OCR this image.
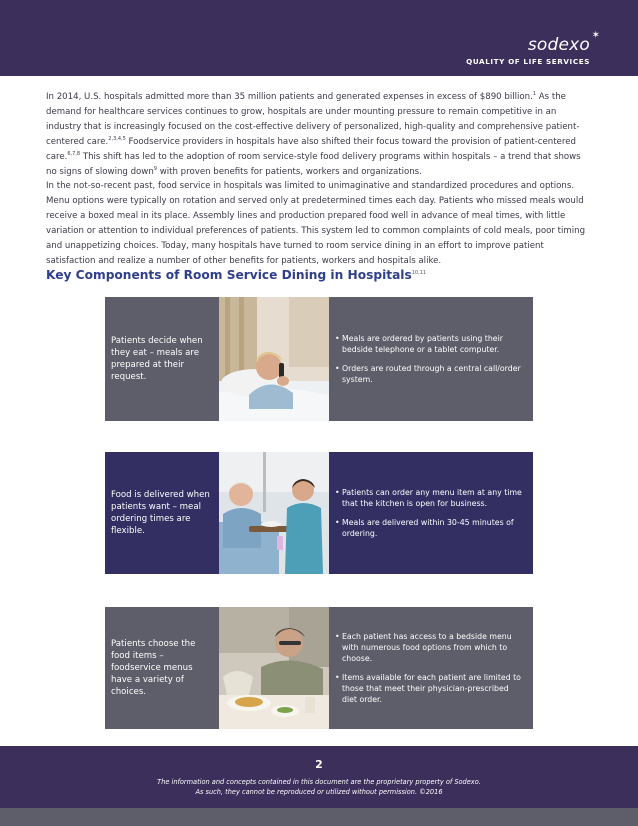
sodexo ✶
QUALITY OF LIFE SERVICES
In 2014, U.S. hospitals admitted more than 35 million patients and generated expenses in excess of $890 billion.$^1$ As the demand for healthcare services continues to grow, hospitals are under mounting pressure to remain competitive in an industry that is increasingly focused on the cost-effective delivery of personalized, high-quality and comprehensive patient-centered care.$^{2,3,4,5}$ Foodservice providers in hospitals have also shifted their focus toward the provision of patient-centered care.$^{6,7,8}$ This shift has led to the adoption of room service-style food delivery programs within hospitals – a trend that shows no signs of slowing down$^9$ with proven benefits for patients, workers and organizations.
In the not-so-recent past, food service in hospitals was limited to unimaginative and standardized procedures and options. Menu options were typically on rotation and served only at predetermined times each day. Patients who missed meals would receive a boxed meal in its place. Assembly lines and production prepared food well in advance of meal times, with little variation or attention to individual preferences of patients. This system led to common complaints of cold meals, poor timing and unappetizing choices. Today, many hospitals have turned to room service dining in an effort to improve patient satisfaction and realize a number of other benefits for patients, workers and hospitals alike.
Key Components of Room Service Dining in Hospitals$^{10,11}$
Patients decide when they eat – meals are prepared at their request.
• Meals are ordered by patients using their bedside telephone or a tablet computer.
• Orders are routed through a central call/order system.
Food is delivered when patients want – meal ordering times are flexible.
• Patients can order any menu item at any time that the kitchen is open for business.
• Meals are delivered within 30-45 minutes of ordering.
Patients choose the food items – foodservice menus have a variety of choices.
• Each patient has access to a bedside menu with numerous food options from which to choose.
• Items available for each patient are limited to those that meet their physician-prescribed diet order.
2
The information and concepts contained in this document are the proprietary property of Sodexo.
As such, they cannot be reproduced or utilized without permission. ©2016
